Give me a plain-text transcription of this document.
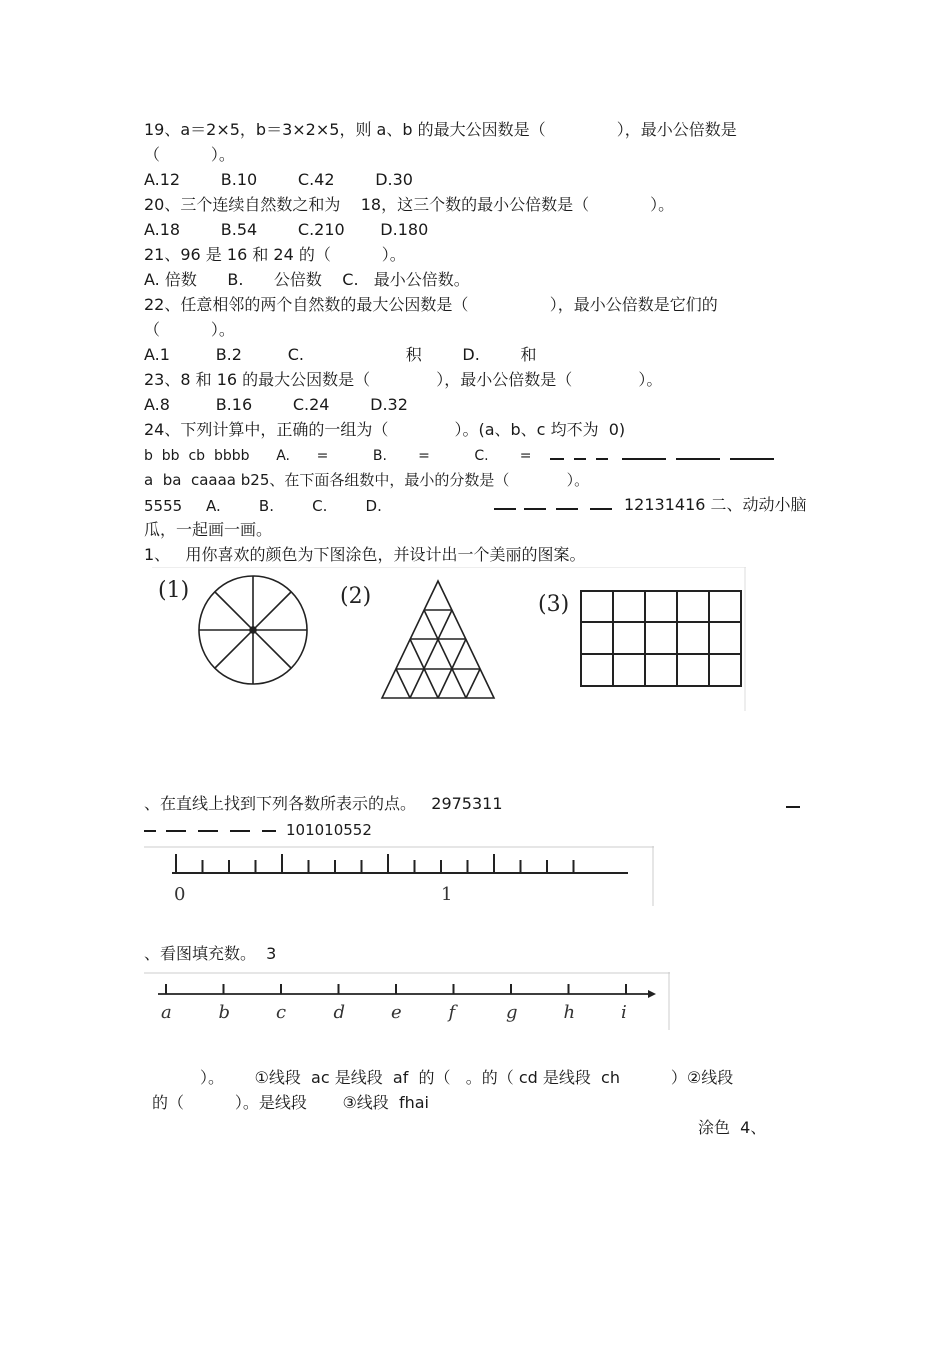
19、a＝2×5，b＝3×2×5，则 a、b 的最大公因数是（              ），最小公倍数是
（          ）。
A.12        B.10        C.42        D.30
20、三个连续自然数之和为    18，这三个数的最小公倍数是（            ）。
A.18        B.54        C.210       D.180
21、96 是 16 和 24 的（          ）。
A. 倍数      B.      公倍数    C.   最小公倍数。
22、任意相邻的两个自然数的最大公因数是（                ），最小公倍数是它们的
（          ）。
A.1         B.2         C.                    积        D.        和
23、8 和 16 的最大公因数是（             ），最小公倍数是（             ）。
A.8         B.16        C.24        D.32
24、下列计算中，正确的一组为（             ）。(a、b、c 均不为  0)
b  bb  cb  bbbb      A.      =          B.       =          C.       =
a  ba  caaaa b25、在下面各组数中，最小的分数是（            ）。
5555     A.        B.        C.        D.	12131416 二、动动小脑
瓜，一起画一画。
1、   用你喜欢的颜色为下图涂色，并设计出一个美丽的图案。
(1)	(2)	(3)
、在直线上找到下列各数所表示的点。   2975311
101010552
0	1
、看图填充数。  3
a	b	c	d	e	f	g	h	i
）。      ①线段  ac 是线段  af  的（   。的（ cd 是线段  ch          ）②线段
的（          ）。是线段       ③线段  fhai
涂色  4、
